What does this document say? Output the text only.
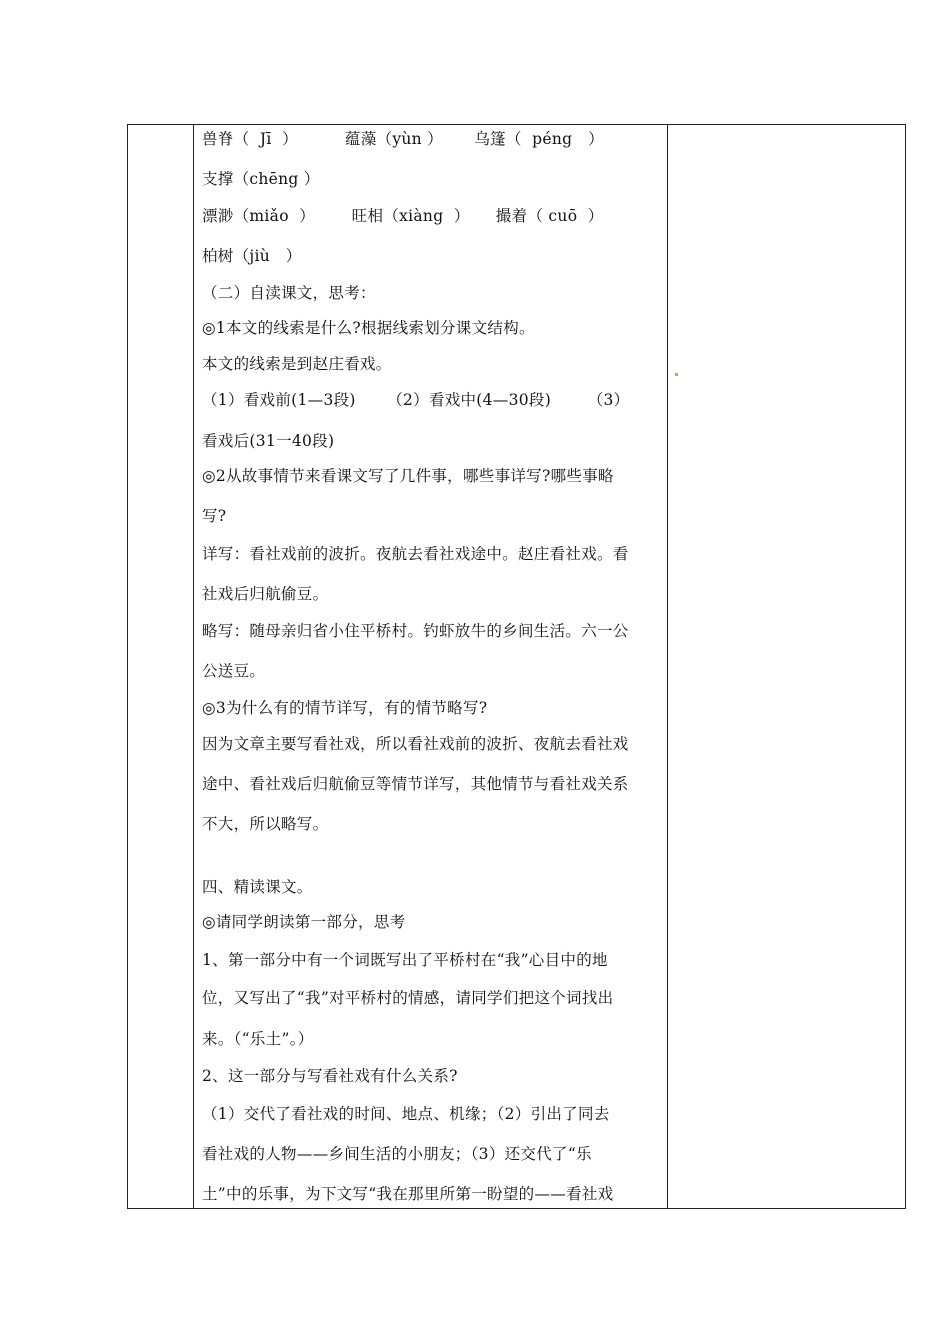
兽脊（  Jī  ）         蕴藻（yùn ）      乌篷（  péng   ）
支撑（chēng ）
漂渺（miǎo  ）       旺相（xiàng  ）     撮着（ cuō  ）
柏树（jiù   ）
（二）自渎课文，思考：
◎1本文的线索是什么?根据线索划分课文结构。
本文的线索是到赵庄看戏。
（1）看戏前(1—3段)      （2）看戏中(4—30段)       （3）
看戏后(31一40段)
◎2从故事情节来看课文写了几件事，哪些事详写?哪些事略
写?
详写：看社戏前的波折。夜航去看社戏途中。赵庄看社戏。看
社戏后归航偷豆。
略写：随母亲归省小住平桥村。钓虾放牛的乡间生活。六一公
公送豆。
◎3为什么有的情节详写，有的情节略写?
因为文章主要写看社戏，所以看社戏前的波折、夜航去看社戏
途中、看社戏后归航偷豆等情节详写，其他情节与看社戏关系
不大，所以略写。
四、精读课文。
◎请同学朗读第一部分，思考
1、第一部分中有一个词既写出了平桥村在“我”心目中的地
位，又写出了“我”对平桥村的情感，请同学们把这个词找出
来。（“乐土”。）
2、这一部分与写看社戏有什么关系?
（1）交代了看社戏的时间、地点、机缘；（2）引出了同去
看社戏的人物——乡间生活的小朋友；（3）还交代了“乐
土”中的乐事，为下文写“我在那里所第一盼望的——看社戏
